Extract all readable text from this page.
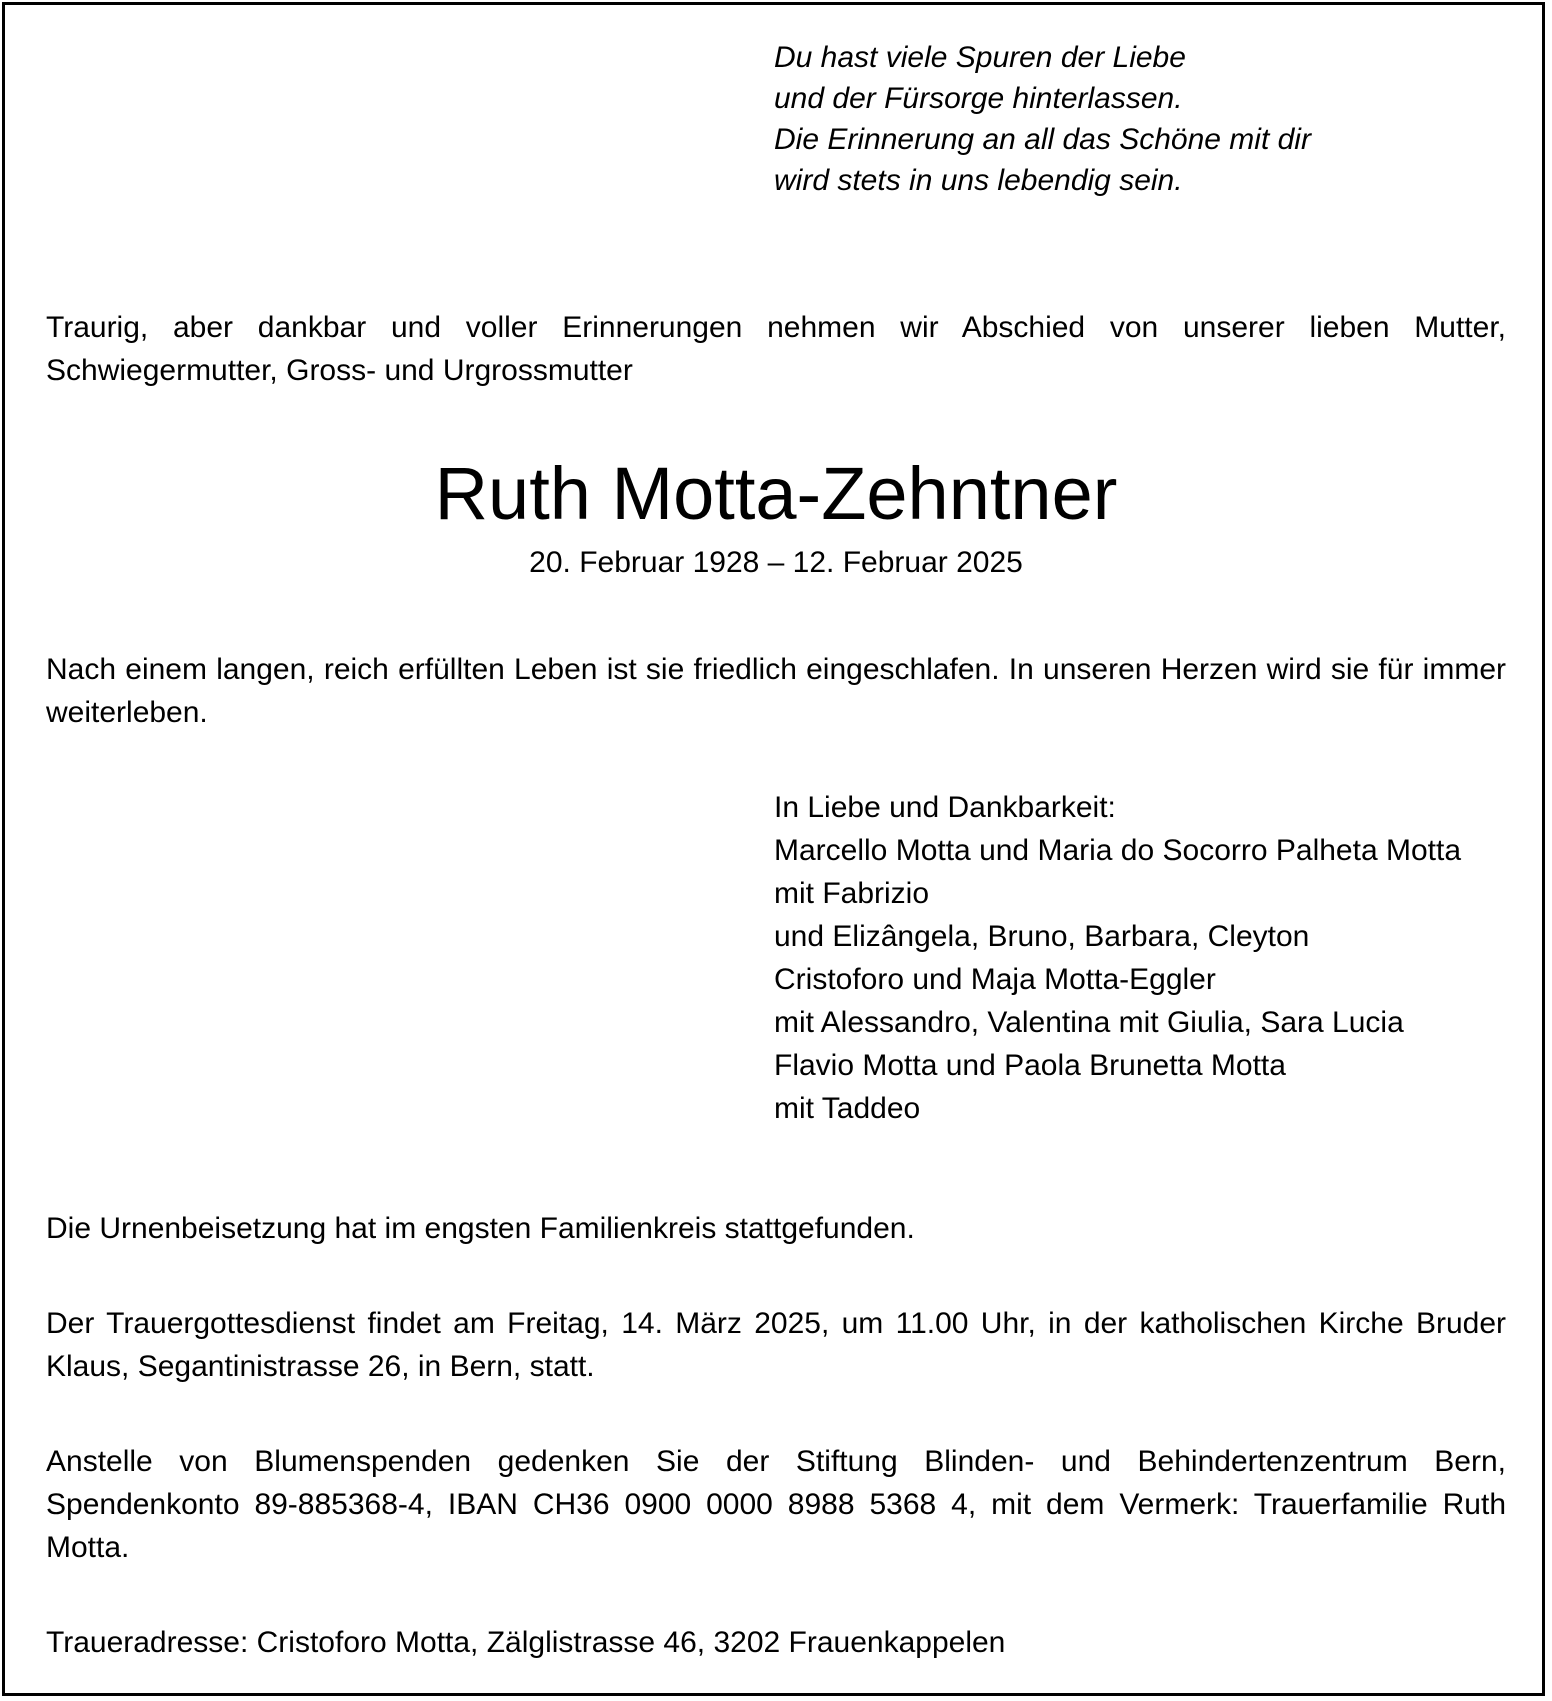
Du hast viele Spuren der Liebe
und der Fürsorge hinterlassen.
Die Erinnerung an all das Schöne mit dir
wird stets in uns lebendig sein.

Traurig, aber dankbar und voller Erinnerungen nehmen wir Abschied von unserer lieben Mutter, Schwiegermutter, Gross- und Urgrossmutter

Ruth Motta-Zehntner

20. Februar 1928 – 12. Februar 2025

Nach einem langen, reich erfüllten Leben ist sie friedlich eingeschlafen. In unseren Herzen wird sie für immer weiterleben.

In Liebe und Dankbarkeit:
Marcello Motta und Maria do Socorro Palheta Motta
mit Fabrizio
und Elizângela, Bruno, Barbara, Cleyton
Cristoforo und Maja Motta-Eggler
mit Alessandro, Valentina mit Giulia, Sara Lucia
Flavio Motta und Paola Brunetta Motta
mit Taddeo

Die Urnenbeisetzung hat im engsten Familienkreis stattgefunden.

Der Trauergottesdienst findet am Freitag, 14. März 2025, um 11.00 Uhr, in der katholischen Kirche Bruder Klaus, Segantinistrasse 26, in Bern, statt.

Anstelle von Blumenspenden gedenken Sie der Stiftung Blinden- und Behindertenzentrum Bern, Spendenkonto 89-885368-4, IBAN CH36 0900 0000 8988 5368 4, mit dem Vermerk: Trauerfamilie Ruth Motta.

Traueradresse: Cristoforo Motta, Zälglistrasse 46, 3202 Frauenkappelen
